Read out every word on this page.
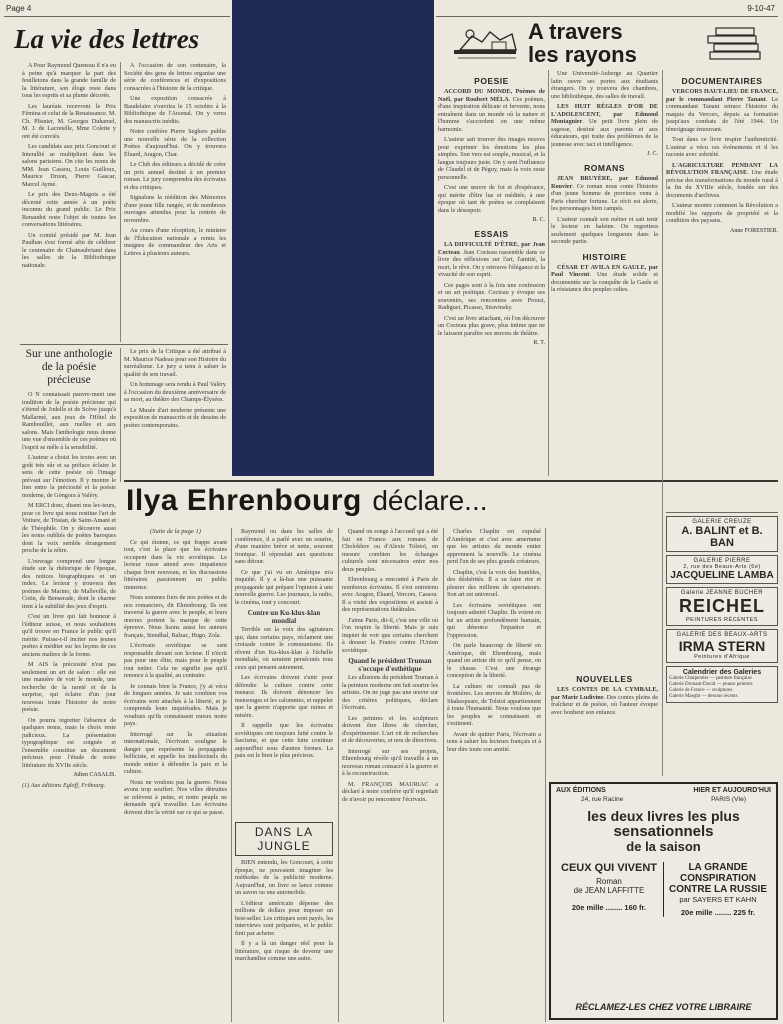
Page 4	9-10-47
La vie des lettres

A Pour Raymond Queneau il n'a eu à peine qu'à marquer la part des feuilletons dans la grande famille de la littérature, son éloge reste dans tous les esprits et sa plume décorée.

Les lauréats recevront le Prix Fémina et celui de la Renaissance. M. Ch. Plisnier, M. Georges Duhamel, M. J. de Lacretelle, Mme Colette y ont été conviés.

Les candidats aux prix Goncourt et Interallié se multiplient dans les salons parisiens. On cite les noms de MM. Jean Cassou, Louis Guilloux, Maurice Druon, Pierre Gascar, Marcel Aymé.

Le prix des Deux-Magots a été décerné cette année à un poète inconnu du grand public. Le Prix Renaudot reste l'objet de toutes les conversations littéraires.

Un comité présidé par M. Jean Paulhan s'est formé afin de célébrer le centenaire de Chateaubriand dans les salles de la Bibliothèque nationale.

A l'occasion de son centenaire, la Société des gens de lettres organise une série de conférences et d'expositions consacrées à l'histoire de la critique.

Une exposition consacrée à Baudelaire s'ouvrira le 15 octobre à la Bibliothèque de l'Arsenal. On y verra des manuscrits inédits.

Notre confrère Pierre Seghers publie une nouvelle série de la collection Poètes d'aujourd'hui. On y trouvera Éluard, Aragon, Char.

Le Club des éditeurs a décidé de créer un prix annuel destiné à un premier roman. Le jury comprendra des écrivains et des critiques.

Signalons la réédition des Mémoires d'une jeune fille rangée, et de nombreux ouvrages attendus pour la rentrée de novembre.

Au cours d'une réception, le ministre de l'Éducation nationale a remis les insignes de commandeur des Arts et Lettres à plusieurs auteurs.

Sur une anthologie de la poésie précieuse

O N connaissait pauvre-ment une tradition de la poésie précieuse qui s'étend de Jodelle et de Scève jusqu'à Mallarmé, aux jeux de l'Hôtel de Rambouillet, aux ruelles et aux salons. Mais l'anthologie nous donne une vue d'ensemble de ces poèmes où l'esprit se mêle à la sensibilité.

L'auteur a choisi les textes avec un goût très sûr et sa préface éclaire le sens de cette poésie où l'image prévaut sur l'émotion. Il y montre le lien entre la préciosité et la poésie moderne, de Góngora à Valéry.

M ERCI donc, disent nos lec-teurs, pour ce livre qui nous restitue l'art de Voiture, de Tristan, de Saint-Amant et de Théophile. On y découvre aussi les noms oubliés de poètes baroques dont la voix semble étrangement proche de la nôtre.

L'ouvrage comprend une longue étude sur la rhétorique de l'époque, des notices biographiques et un index. Le lecteur y trouvera des poèmes de Marino, de Malleville, de Cotin, de Benserade, dont le charme tient à la subtilité des jeux d'esprit.

C'est un livre qui fait honneur à l'éditeur suisse, et nous souhaitons qu'il trouve en France le public qu'il mérite. Puisse-t-il inciter nos jeunes poètes à méditer sur les leçons de ces anciens maîtres de la forme.

M AIS la préciosité n'est pas seulement un art de salon : elle est une manière de voir le monde, une recherche de la rareté et de la surprise, qui éclaire d'un jour nouveau toute l'histoire de notre poésie.

On pourra regretter l'absence de quelques noms, mais le choix reste judicieux. La présentation typographique est soignée et l'ensemble constitue un document précieux pour l'étude de notre littérature du XVIIe siècle.

Julien CASALIS.
(1) Aux éditions Egloff, Fribourg.

Le prix de la Critique a été attribué à M. Maurice Nadeau pour son Histoire du surréalisme. Le jury a tenu à saluer la qualité de son travail.

Un hommage sera rendu à Paul Valéry à l'occasion du deuxième anniversaire de sa mort, au théâtre des Champs-Élysées.

Le Musée d'art moderne présente une exposition de manuscrits et de dessins de poètes contemporains.

Ilya Ehrenbourg déclare...
(Suite de la page 1)

Ce qui étonne, ce qui frappe avant tout, c'est la place que les écrivains occupent dans la vie soviétique. Le lecteur russe attend avec impatience chaque livre nouveau, et les discussions littéraires passionnent un public immense.

Nous sommes fiers de nos poètes et de nos romanciers, dit Ehrenbourg. Ils ont traversé la guerre avec le peuple, et leurs œuvres portent la marque de cette épreuve. Nous lisons aussi les auteurs français, Stendhal, Balzac, Hugo, Zola.

L'écrivain soviétique se sent responsable devant son lecteur. Il n'écrit pas pour une élite, mais pour le peuple tout entier. Cela ne signifie pas qu'il renonce à la qualité, au contraire.

Je connais bien la France, j'y ai vécu de longues années. Je sais combien vos écrivains sont attachés à la liberté, et je comprends leurs inquiétudes. Mais je voudrais qu'ils connaissent mieux notre pays.

Interrogé sur la situation internationale, l'écrivain souligne le danger que représente la propagande belliciste, et appelle les intellectuels du monde entier à défendre la paix et la culture.

Nous ne voulons pas la guerre. Nous avons trop souffert. Nos villes détruites se relèvent à peine, et notre peuple ne demande qu'à travailler. Les écrivains doivent dire la vérité sur ce qui se passe.

Raymond ou dans les salles de conférence, il a parlé avec un sourire, d'une manière brève et nette, souvent ironique. Il répondait aux questions sans détour.

Ce que j'ai vu en Amérique m'a inquiété. Il y a là-bas une puissante propagande qui prépare l'opinion à une nouvelle guerre. Les journaux, la radio, le cinéma, tout y concourt.

Contre un Ku-klux-klan mondial

Terrible est la voix des agitateurs qui, dans certains pays, réclament une croisade contre le communisme. Ils rêvent d'un Ku-klux-klan à l'échelle mondiale, où seraient persécutés tous ceux qui pensent autrement.

Les écrivains doivent s'unir pour défendre la culture contre cette menace. Ils doivent dénoncer les mensonges et les calomnies, et rappeler que la guerre n'apporte que ruines et misère.

Il rappelle que les écrivains soviétiques ont toujours lutté contre le fascisme, et que cette lutte continue aujourd'hui sous d'autres formes. La paix est le bien le plus précieux.

DANS LA JUNGLE

BIEN entendu, les Goncourt, à cette époque, ne pouvaient imaginer les méthodes de la publicité moderne. Aujourd'hui, un livre se lance comme un savon ou une automobile.

L'éditeur américain dépense des millions de dollars pour imposer un best-seller. Les critiques sont payés, les interviews sont préparées, et le public finit par acheter.

Il y a là un danger réel pour la littérature, qui risque de devenir une marchandise comme une autre.

Quand on songe à l'accueil qui a été fait en France aux romans de Cholokhov ou d'Alexis Tolstoï, on mesure combien les échanges culturels sont nécessaires entre nos deux peuples.

Ehrenbourg a rencontré à Paris de nombreux écrivains. Il s'est entretenu avec Aragon, Éluard, Vercors, Cassou. Il a visité des expositions et assisté à des représentations théâtrales.

J'aime Paris, dit-il, c'est une ville où l'on respire la liberté. Mais je suis inquiet de voir que certains cherchent à dresser la France contre l'Union soviétique.

Quand le président Truman s'occupe d'esthétique

Les allusions du président Truman à la peinture moderne ont fait sourire les artistes. On ne juge pas une œuvre sur des critères politiques, déclare l'écrivain.

Les peintres et les sculpteurs doivent être libres de chercher, d'expérimenter. L'art vit de recherches et de découvertes, et non de directives.

Interrogé sur ses projets, Ehrenbourg révèle qu'il travaille à un nouveau roman consacré à la guerre et à la reconstruction.

M. FRANÇOIS MAURIAC a déclaré à notre confrère qu'il regrettait de n'avoir pu rencontrer l'écrivain.

Charles Chaplin est expulsé d'Amérique et c'est avec amertume que les artistes du monde entier apprennent la nouvelle. Le cinéma perd l'un de ses plus grands créateurs.

Chaplin, c'est la voix des humbles, des déshérités. Il a su faire rire et pleurer des millions de spectateurs. Son art est universel.

Les écrivains soviétiques ont toujours admiré Chaplin. Ils voient en lui un artiste profondément humain, qui dénonce l'injustice et l'oppression.

On parle beaucoup de liberté en Amérique, dit Ehrenbourg, mais quand un artiste dit ce qu'il pense, on le chasse. C'est une étrange conception de la liberté.

La culture ne connaît pas de frontières. Les œuvres de Molière, de Shakespeare, de Tolstoï appartiennent à toute l'humanité. Nous voulons que les peuples se connaissent et s'estiment.

Avant de quitter Paris, l'écrivain a tenu à saluer les lecteurs français et à leur dire toute son amitié.

A travers
les rayons
POESIE

ACCORD DU MONDE, Poèmes de Noël, par Roubert MÉLA. Ces poèmes, d'une inspiration délicate et fervente, nous entraînent dans un monde où la nature et l'homme s'accordent en une même harmonie.

L'auteur sait trouver des images neuves pour exprimer les émotions les plus simples. Son vers est souple, musical, et la langue toujours juste. On y sent l'influence de Claudel et de Péguy, mais la voix reste personnelle.

C'est une œuvre de foi et d'espérance, qui mérite d'être lue et méditée, à une époque où tant de poètes se complaisent dans le désespoir.

B. C.
ESSAIS

LA DIFFICULTÉ D'ÊTRE, par Jean Cocteau. Jean Cocteau rassemble dans ce livre des réflexions sur l'art, l'amitié, la mort, le rêve. On y retrouve l'élégance et la vivacité de son esprit.

Ces pages sont à la fois une confession et un art poétique. Cocteau y évoque ses souvenirs, ses rencontres avec Proust, Radiguet, Picasso, Stravinsky.

C'est un livre attachant, où l'on découvre un Cocteau plus grave, plus intime que ne le laissent paraître ses œuvres de théâtre.

R. T.

Une Université-Auberge au Quartier latin ouvre ses portes aux étudiants étrangers. On y trouvera des chambres, une bibliothèque, des salles de travail.

LES HUIT RÈGLES D'OR DE L'ADOLESCENT, par Edmond Montagnier. Un petit livre plein de sagesse, destiné aux parents et aux éducateurs, qui traite des problèmes de la jeunesse avec tact et intelligence.

J. C.
ROMANS

JEAN BRUYÈRE, par Edmond Rouvier. Ce roman nous conte l'histoire d'un jeune homme de province venu à Paris chercher fortune. Le récit est alerte, les personnages bien campés.

L'auteur connaît son métier et sait tenir le lecteur en haleine. On regrettera seulement quelques longueurs dans la seconde partie.

HISTOIRE

CÉSAR ET AVILA EN GAULE, par Paul Vincent. Une étude solide et documentée sur la conquête de la Gaule et la résistance des peuples celtes.

NOUVELLES

LES CONTES DE LA CYMBALE, par Marie Ludivine. Des contes pleins de fraîcheur et de poésie, où l'auteur évoque avec bonheur son enfance.

DOCUMENTAIRES

VERCORS HAUT-LIEU DE FRANCE, par le commandant Pierre Tanant. Le commandant Tanant retrace l'histoire du maquis du Vercors, depuis sa formation jusqu'aux combats de l'été 1944. Un témoignage émouvant.

Tout dans ce livre respire l'authenticité. L'auteur a vécu ces événements et il les raconte avec sobriété.

L'AGRICULTURE PENDANT LA RÉVOLUTION FRANÇAISE. Une étude précise des transformations du monde rural à la fin du XVIIIe siècle, fondée sur des documents d'archives.

L'auteur montre comment la Révolution a modifié les rapports de propriété et la condition des paysans.

Anne FORESTIER.
GALERIE CREUZE
A. BALINT et B. BAN
GALERIE PIERRE
2, rue des Beaux-Arts (6e)
JACQUELINE LAMBA
Galerie JEANNE BUCHER
REICHEL
PEINTURES RÉCENTES
GALERIE DES BEAUX-ARTS
IRMA STERN
Peintures d'Afrique
Calendrier des Galeries
Galerie Charpentier — peinture française
Galerie Drouant-David — jeunes peintres
Galerie de France — sculptures
Galerie Maeght — dessins récents
AUX ÉDITIONS	HIER ET AUJOURD'HUI
24, rue Racine	PARIS (VIe)
les deux livres les plus
sensationnels
de la saison
CEUX QUI VIVENT
Roman
de JEAN LAFFITTE
20e mille ........ 160 fr.
LA GRANDE
CONSPIRATION
CONTRE LA RUSSIE
par SAYERS ET KAHN
20e mille ........ 225 fr.
RÉCLAMEZ-LES CHEZ VOTRE LIBRAIRE
